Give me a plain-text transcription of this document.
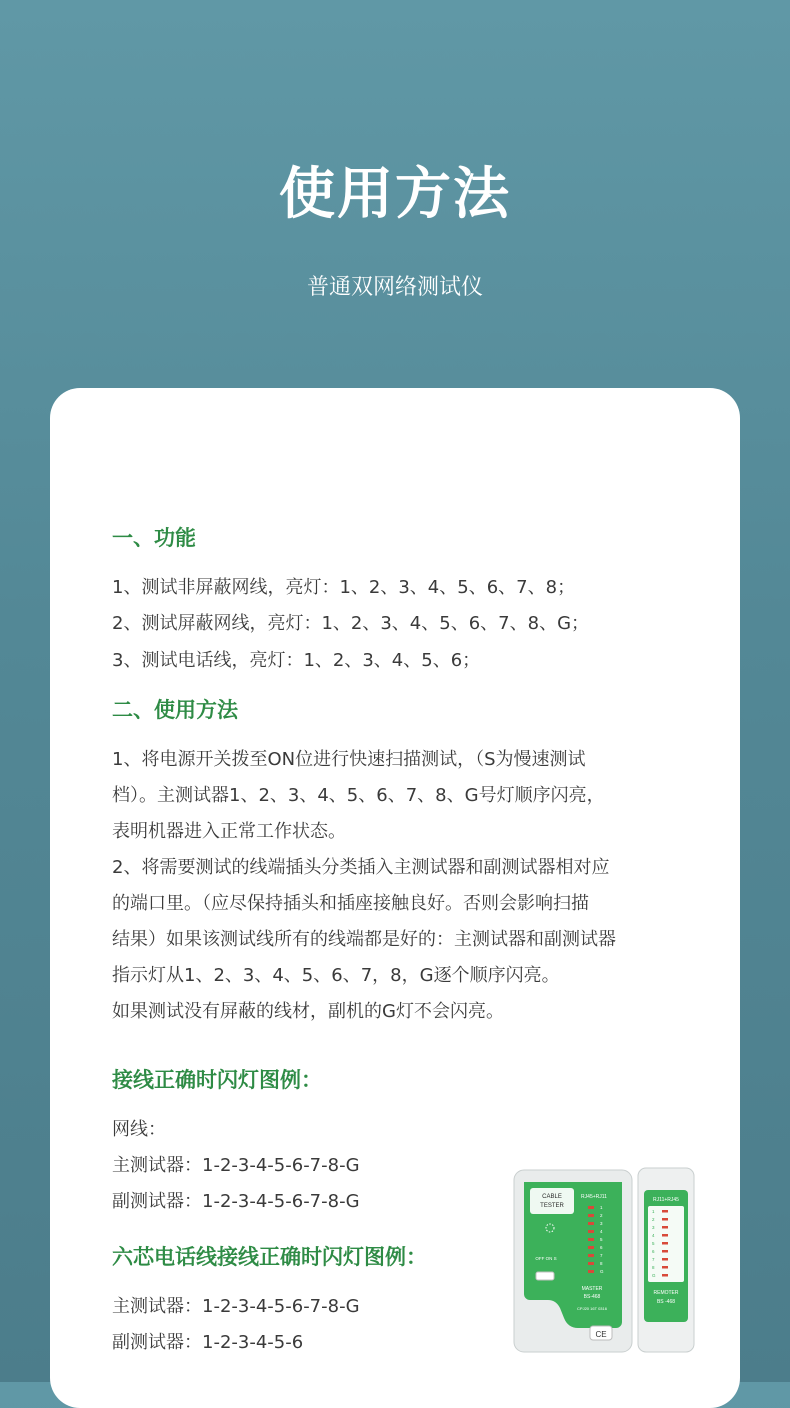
使用方法
普通双网络测试仪
一、功能
1、测试非屏蔽网线，亮灯：1、2、3、4、5、6、7、8；
2、测试屏蔽网线，亮灯：1、2、3、4、5、6、7、8、G；
3、测试电话线，亮灯：1、2、3、4、5、6；
二、使用方法
1、将电源开关拨至ON位进行快速扫描测试，（S为慢速测试
档）。主测试器1、2、3、4、5、6、7、8、G号灯顺序闪亮，
表明机器进入正常工作状态。
2、将需要测试的线端插头分类插入主测试器和副测试器相对应
的端口里。（应尽保持插头和插座接触良好。否则会影响扫描
结果）如果该测试线所有的线端都是好的：主测试器和副测试器
指示灯从1、2、3、4、5、6、7，8，G逐个顺序闪亮。
如果测试没有屏蔽的线材，副机的G灯不会闪亮。
接线正确时闪灯图例：
网线：
主测试器：1-2-3-4-5-6-7-8-G
副测试器：1-2-3-4-5-6-7-8-G
六芯电话线接线正确时闪灯图例：
主测试器：1-2-3-4-5-6-7-8-G
副测试器：1-2-3-4-5-6
CABLE
TESTER
RJ45+RJ11
OFF ON S
1
2
3
4
5
6
7
8
G
MASTER
BS-468
CPJ20 16T 0316
CE
RJ11+RJ45
1
2
3
4
5
6
7
8
G
REMOTER
BS -468
